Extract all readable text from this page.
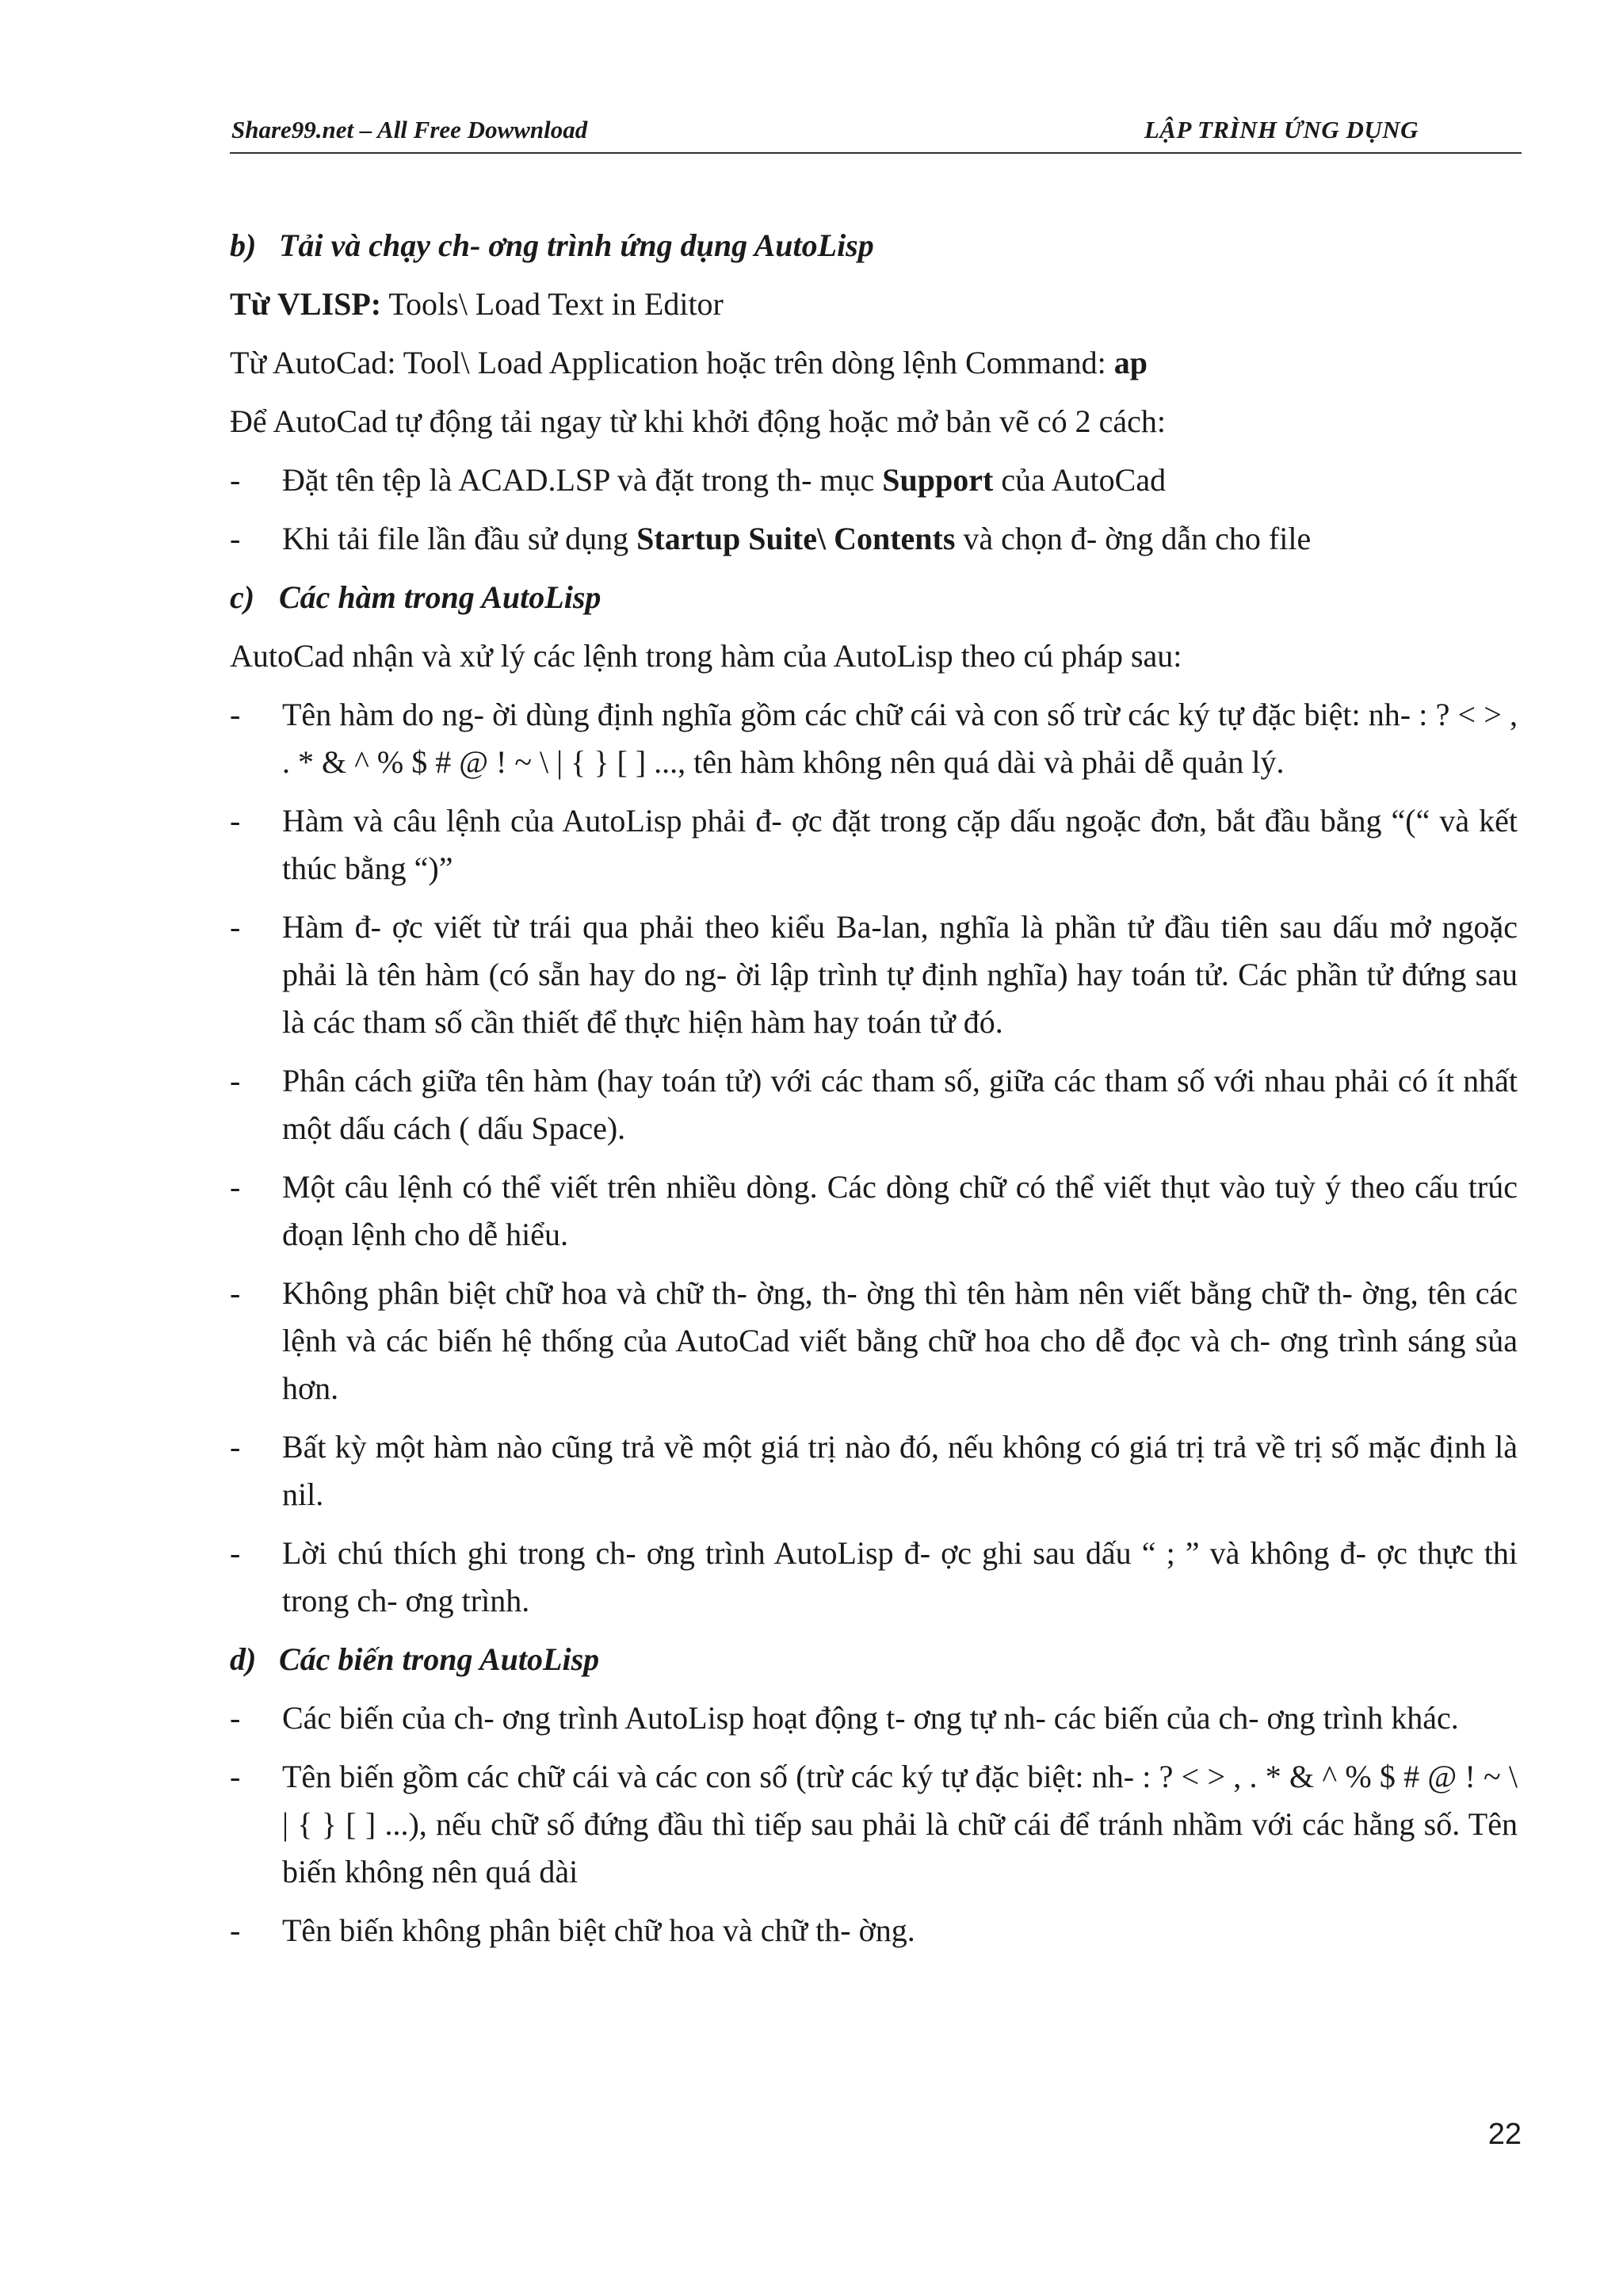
Share99.net – All Free Dowwnload	LẬP TRÌNH ỨNG DỤNG

b) Tải và chạy ch- ơng trình ứng dụng AutoLisp

Từ VLISP: Tools\ Load Text in Editor

Từ AutoCad: Tool\ Load Application hoặc trên dòng lệnh Command: ap

Để AutoCad tự động tải ngay từ khi khởi động hoặc mở bản vẽ có 2 cách:

-	Đặt tên tệp là ACAD.LSP và đặt trong th- mục Support của AutoCad
-	Khi tải file lần đầu sử dụng Startup Suite\ Contents và chọn đ- ờng dẫn cho file

c) Các hàm trong AutoLisp

AutoCad nhận và xử lý các lệnh trong hàm của AutoLisp theo cú pháp sau:

-	Tên hàm do ng- ời dùng định nghĩa gồm các chữ cái và con số trừ các ký tự đặc biệt: nh- : ? < > , . * & ^ % $ # @ ! ~ \ | { } [ ] ..., tên hàm không nên quá dài và phải dễ quản lý.
-	Hàm và câu lệnh của AutoLisp phải đ- ợc đặt trong cặp dấu ngoặc đơn, bắt đầu bằng “(“ và kết thúc bằng “)”
-	Hàm đ- ợc viết từ trái qua phải theo kiểu Ba-lan, nghĩa là phần tử đầu tiên sau dấu mở ngoặc phải là tên hàm (có sẵn hay do ng- ời lập trình tự định nghĩa) hay toán tử. Các phần tử đứng sau là các tham số cần thiết để thực hiện hàm hay toán tử đó.
-	Phân cách giữa tên hàm (hay toán tử) với các tham số, giữa các tham số với nhau phải có ít nhất một dấu cách ( dấu Space).
-	Một câu lệnh có thể viết trên nhiều dòng. Các dòng chữ có thể viết thụt vào tuỳ ý theo cấu trúc đoạn lệnh cho dễ hiểu.
-	Không phân biệt chữ hoa và chữ th- ờng, th- ờng thì tên hàm nên viết bằng chữ th- ờng, tên các lệnh và các biến hệ thống của AutoCad viết bằng chữ hoa cho dễ đọc và ch- ơng trình sáng sủa hơn.
-	Bất kỳ một hàm nào cũng trả về một giá trị nào đó, nếu không có giá trị trả về trị số mặc định là nil.
-	Lời chú thích ghi trong ch- ơng trình AutoLisp đ- ợc ghi sau dấu “ ; ” và không đ- ợc thực thi trong ch- ơng trình.

d) Các biến trong AutoLisp

-	Các biến của ch- ơng trình AutoLisp hoạt động t- ơng tự nh- các biến của ch- ơng trình khác.
-	Tên biến gồm các chữ cái và các con số (trừ các ký tự đặc biệt: nh- : ? < > , . * & ^ % $ # @ ! ~ \ | { } [ ] ...), nếu chữ số đứng đầu thì tiếp sau phải là chữ cái để tránh nhầm với các hằng số. Tên biến không nên quá dài
-	Tên biến không phân biệt chữ hoa và chữ th- ờng.
22
